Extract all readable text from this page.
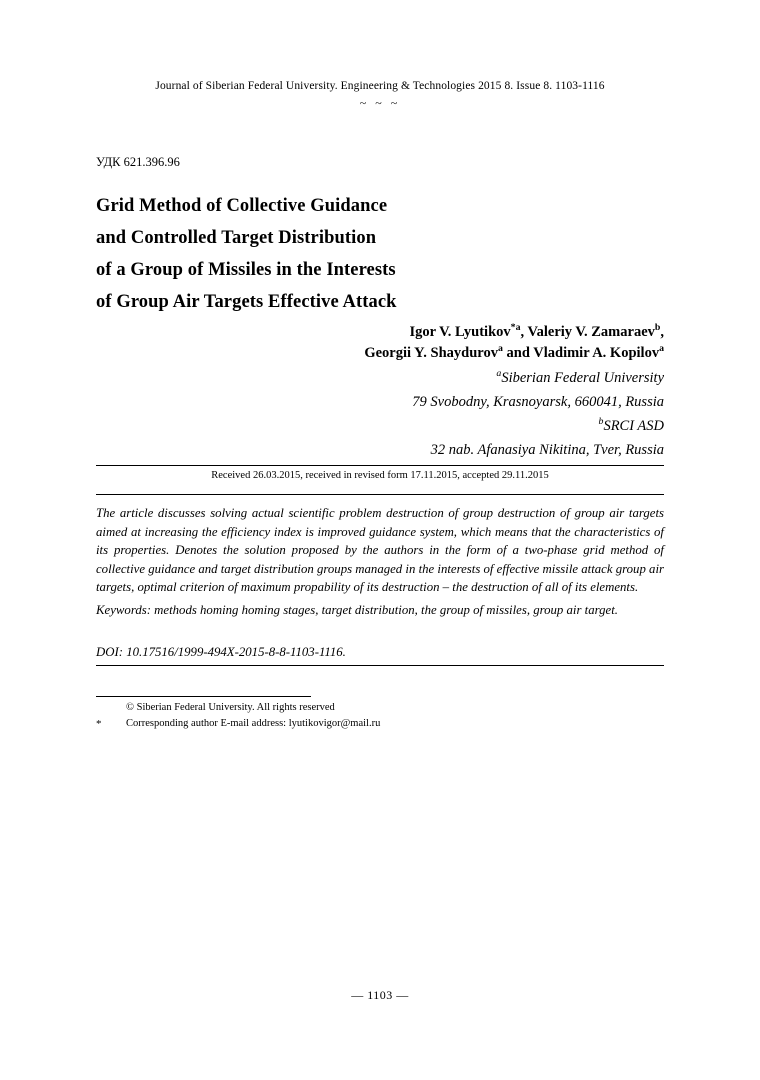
Journal of Siberian Federal University. Engineering & Technologies 2015 8. Issue 8. 1103-1116
~ ~ ~
УДК 621.396.96
Grid Method of Collective Guidance
and Controlled Target Distribution
of a Group of Missiles in the Interests
of Group Air Targets Effective Attack
Igor V. Lyutikov$^{*a}$, Valeriy V. Zamaraev$^b$,
Georgii Y. Shaydurov$^a$ and Vladimir A. Kopilov$^a$
$^a$Siberian Federal University
79 Svobodny, Krasnoyarsk, 660041, Russia
$^b$SRCI ASD
32 nab. Afanasiya Nikitina, Tver, Russia
Received 26.03.2015, received in revised form 17.11.2015, accepted 29.11.2015
The article discusses solving actual scientific problem destruction of group destruction of group air targets aimed at increasing the efficiency index is improved guidance system, which means that the characteristics of its properties. Denotes the solution proposed by the authors in the form of a two-phase grid method of collective guidance and target distribution groups managed in the interests of effective missile attack group air targets, optimal criterion of maximum propability of its destruction – the destruction of all of its elements.
Keywords: methods homing homing stages, target distribution, the group of missiles, group air target.
DOI: 10.17516/1999-494X-2015-8-8-1103-1116.
© Siberian Federal University. All rights reserved
* Corresponding author E-mail address: lyutikovigor@mail.ru
— 1103 —
